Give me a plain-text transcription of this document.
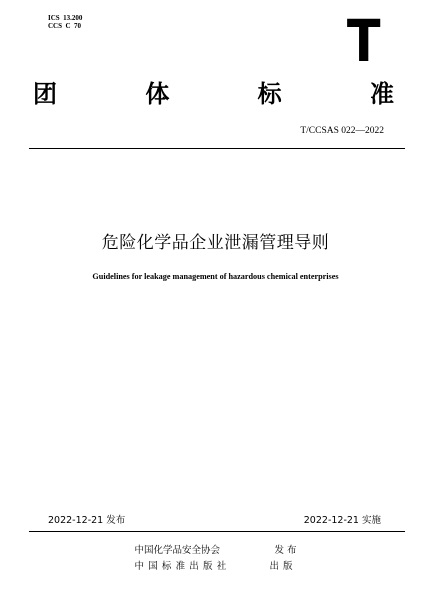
ICS  13.200
CCS  C  70	T
团	体	标	准
T/CCSAS 022—2022
危险化学品企业泄漏管理导则
Guidelines for leakage management of hazardous chemical enterprises
2022-12-21 发布	2022-12-21 实施
中国化学品安全协会	发 布
中国标准出版社	出版
